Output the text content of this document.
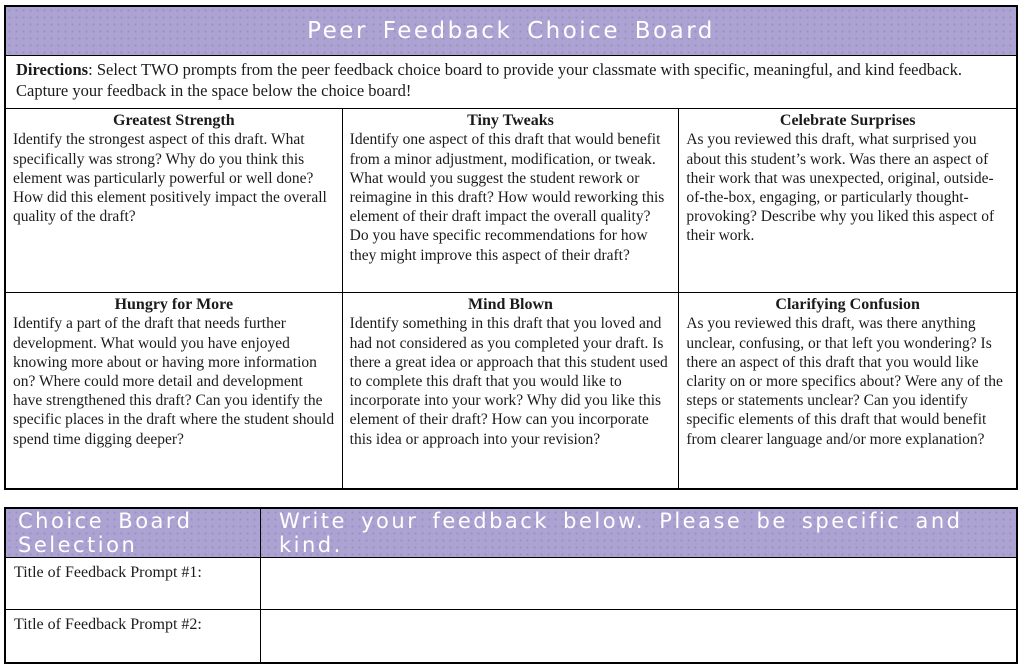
Peer Feedback Choice Board
Directions: Select TWO prompts from the peer feedback choice board to provide your classmate with specific, meaningful, and kind feedback. Capture your feedback in the space below the choice board!
Greatest Strength
Identify the strongest aspect of this draft. What specifically was strong? Why do you think this element was particularly powerful or well done? How did this element positively impact the overall quality of the draft?
Tiny Tweaks
Identify one aspect of this draft that would benefit from a minor adjustment, modification, or tweak. What would you suggest the student rework or reimagine in this draft? How would reworking this element of their draft impact the overall quality? Do you have specific recommendations for how they might improve this aspect of their draft?
Celebrate Surprises
As you reviewed this draft, what surprised you about this student’s work. Was there an aspect of their work that was unexpected, original, outside-of-the-box, engaging, or particularly thought-provoking? Describe why you liked this aspect of their work.
Hungry for More
Identify a part of the draft that needs further development. What would you have enjoyed knowing more about or having more information on? Where could more detail and development have strengthened this draft? Can you identify the specific places in the draft where the student should spend time digging deeper?
Mind Blown
Identify something in this draft that you loved and had not considered as you completed your draft. Is there a great idea or approach that this student used to complete this draft that you would like to incorporate into your work? Why did you like this element of their draft? How can you incorporate this idea or approach into your revision?
Clarifying Confusion
As you reviewed this draft, was there anything unclear, confusing, or that left you wondering? Is there an aspect of this draft that you would like clarity on or more specifics about? Were any of the steps or statements unclear? Can you identify specific elements of this draft that would benefit from clearer language and/or more explanation?
Choice Board Selection
Write your feedback below. Please be specific and kind.
Title of Feedback Prompt #1:
Title of Feedback Prompt #2:
